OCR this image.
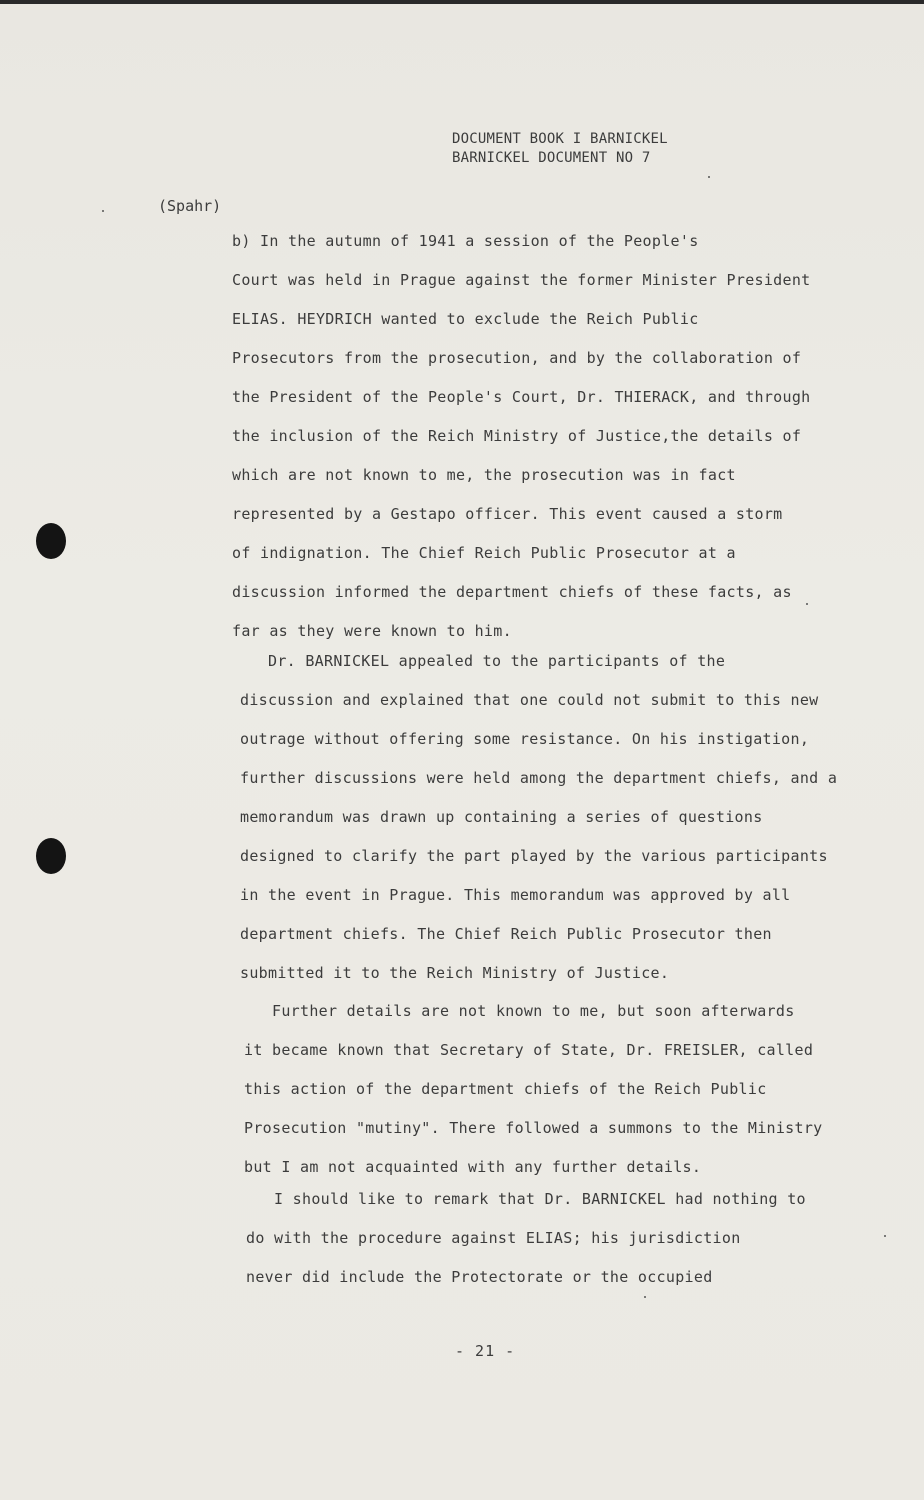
DOCUMENT BOOK I BARNICKEL
BARNICKEL DOCUMENT NO 7
(Spahr)
b) In the autumn of 1941 a session of the People's
Court was held in Prague against the former Minister President
ELIAS. HEYDRICH wanted to exclude the Reich Public
Prosecutors from the prosecution, and by the collaboration of
the President of the People's Court, Dr. THIERACK, and through
the inclusion of the Reich Ministry of Justice,the details of
which are not known to me, the prosecution was in fact
represented by a Gestapo officer. This event caused a storm
of indignation. The Chief Reich Public Prosecutor at a
discussion informed the department chiefs of these facts, as
far as they were known to him.
Dr. BARNICKEL appealed to the participants of the
discussion and explained that one could not submit to this new
outrage without offering some resistance. On his instigation,
further discussions were held among the department chiefs, and a
memorandum was drawn up containing a series of questions
designed to clarify the part played by the various participants
in the event in Prague. This memorandum was approved by all
department chiefs. The Chief Reich Public Prosecutor then
submitted it to the Reich Ministry of Justice.
Further details are not known to me, but soon afterwards
it became known that Secretary of State, Dr. FREISLER, called
this action of the department chiefs of the Reich Public
Prosecution "mutiny". There followed a summons to the Ministry
but I am not acquainted with any further details.
I should like to remark that Dr. BARNICKEL had nothing to
do with the procedure against ELIAS; his jurisdiction
never did include the Protectorate or the occupied
- 21 -
